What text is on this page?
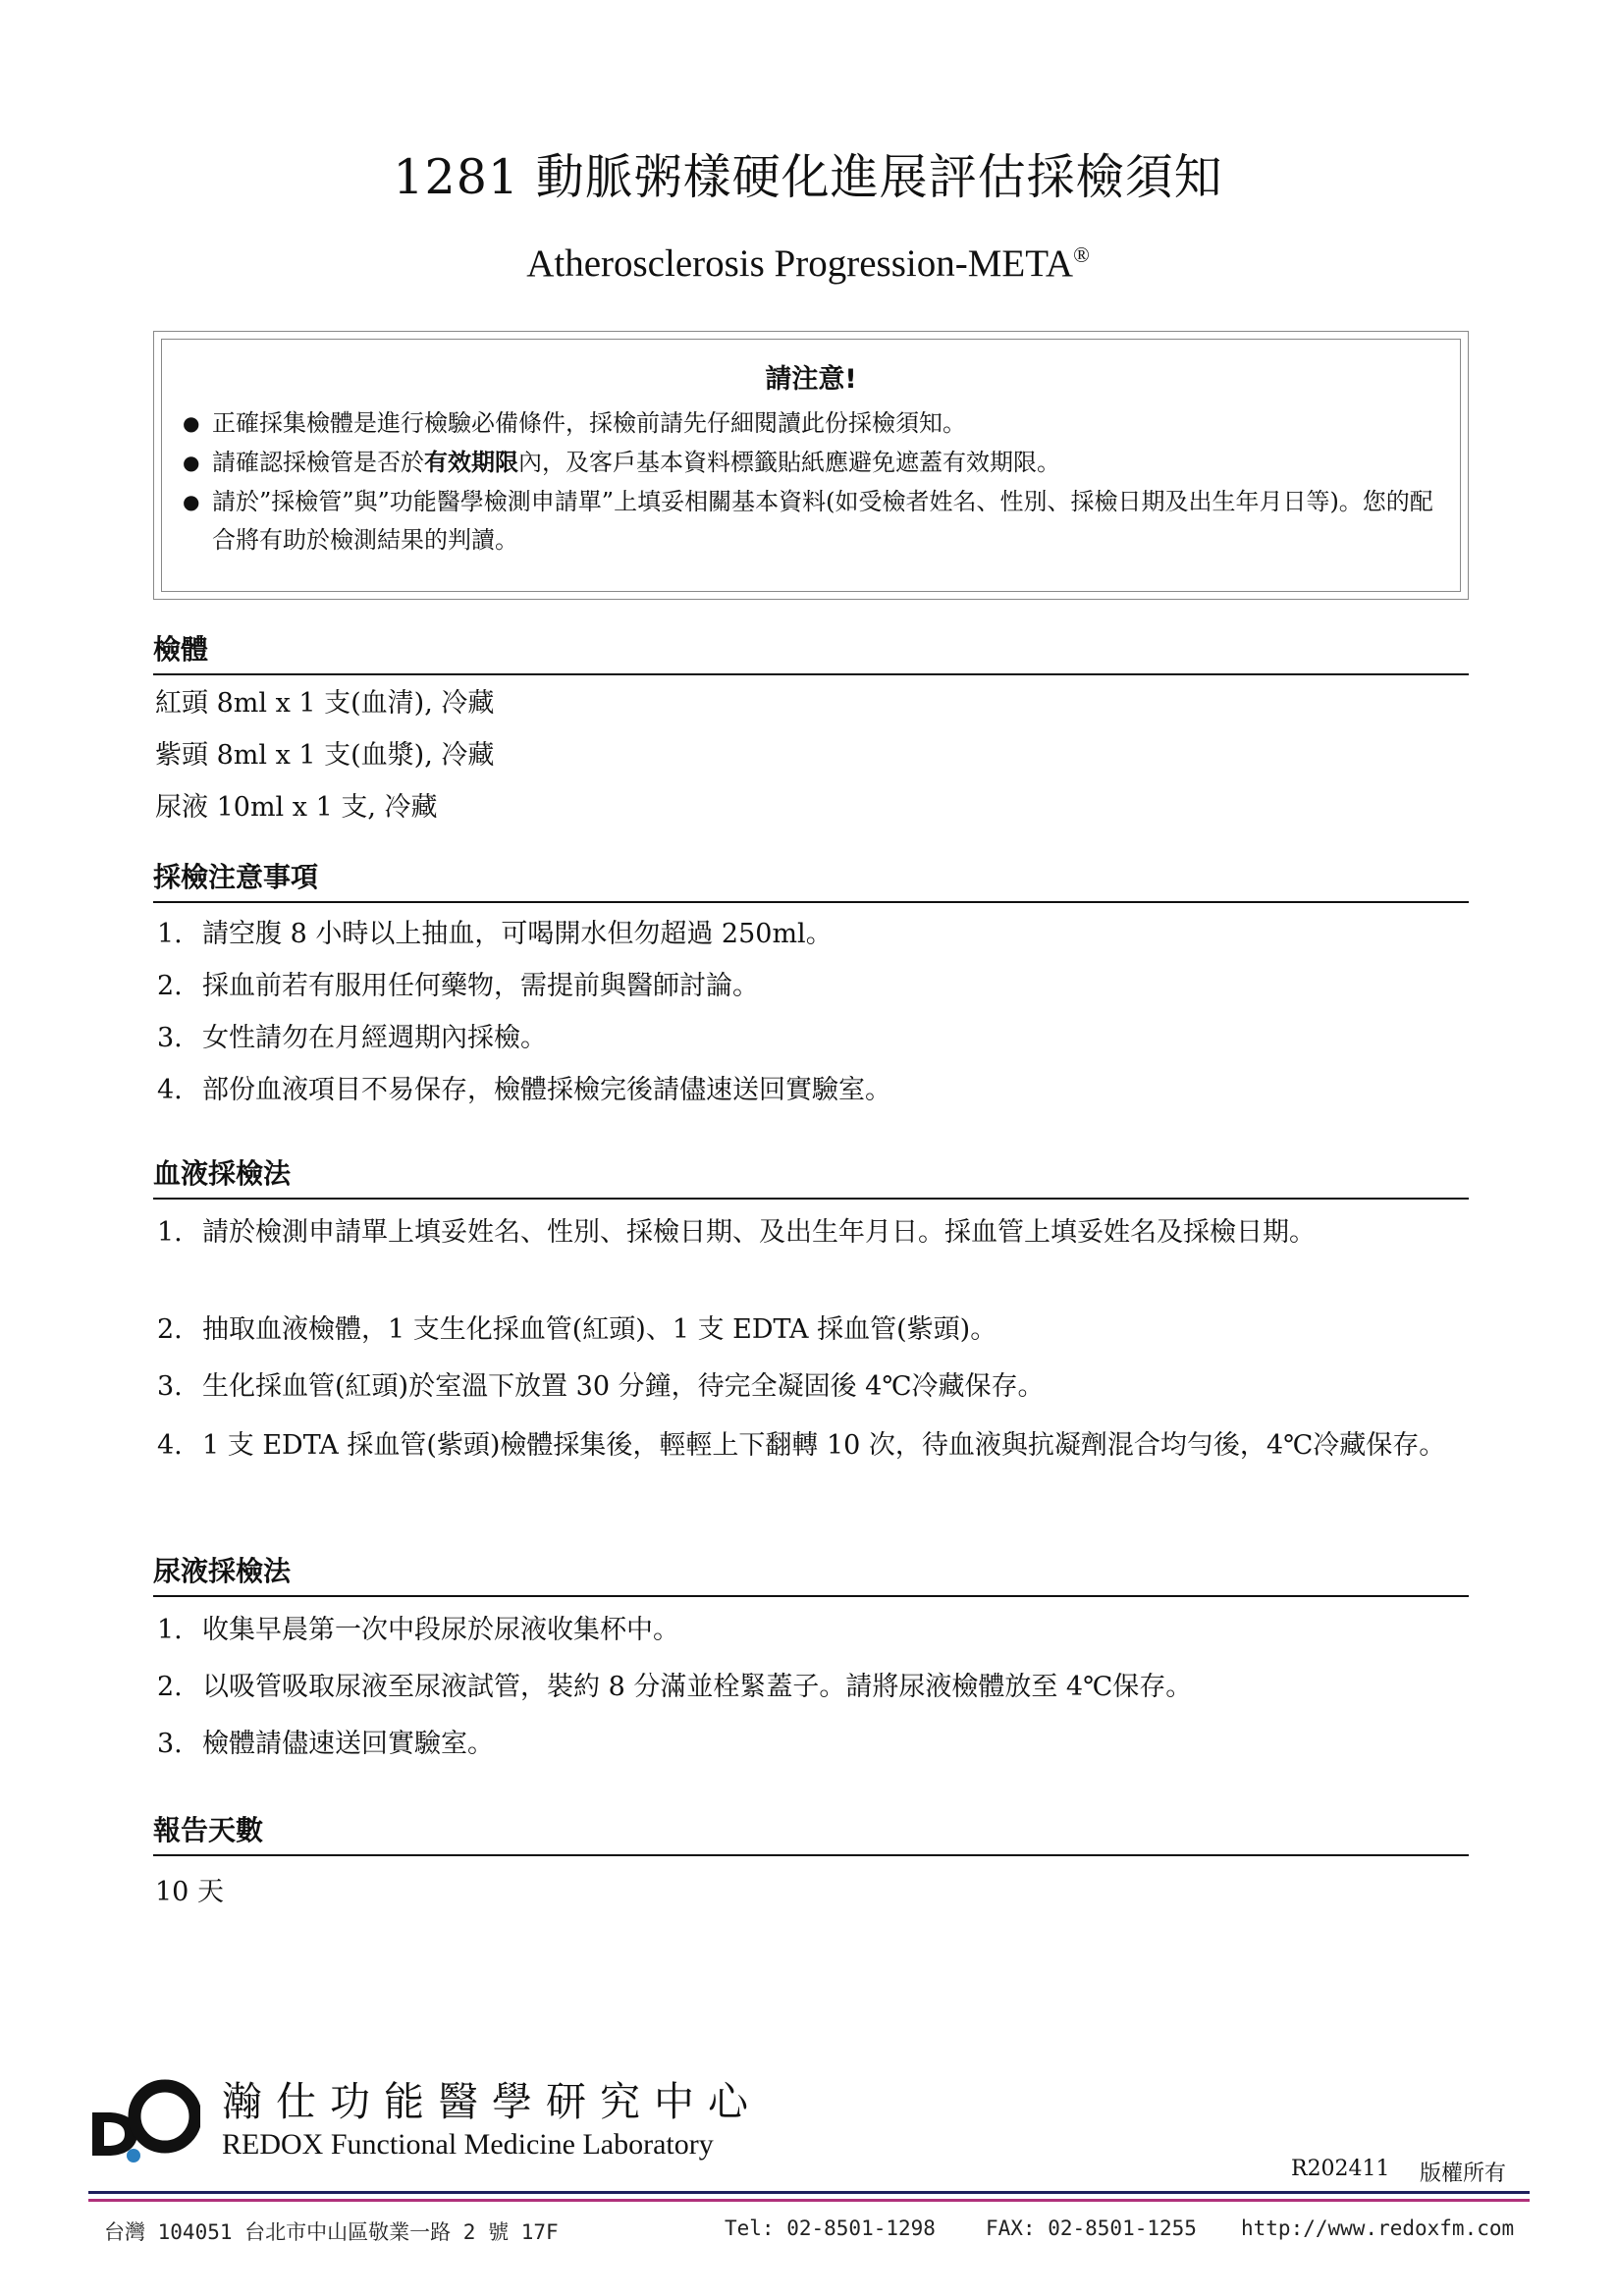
1281 動脈粥樣硬化進展評估採檢須知
Atherosclerosis Progression-META®
請注意!
● 正確採集檢體是進行檢驗必備條件，採檢前請先仔細閱讀此份採檢須知。
● 請確認採檢管是否於有效期限內，及客戶基本資料標籤貼紙應避免遮蓋有效期限。
● 請於”採檢管”與”功能醫學檢測申請單”上填妥相關基本資料(如受檢者姓名、性別、採檢日期及出生年月日等)。您的配合將有助於檢測結果的判讀。
檢體
紅頭 8ml x 1 支(血清), 冷藏
紫頭 8ml x 1 支(血漿), 冷藏
尿液 10ml x 1 支, 冷藏
採檢注意事項
1. 請空腹 8 小時以上抽血，可喝開水但勿超過 250ml。
2. 採血前若有服用任何藥物，需提前與醫師討論。
3. 女性請勿在月經週期內採檢。
4. 部份血液項目不易保存，檢體採檢完後請儘速送回實驗室。
血液採檢法
1. 請於檢測申請單上填妥姓名、性別、採檢日期、及出生年月日。採血管上填妥姓名及採檢日期。
2. 抽取血液檢體，1 支生化採血管(紅頭)、1 支 EDTA 採血管(紫頭)。
3. 生化採血管(紅頭)於室溫下放置 30 分鐘，待完全凝固後 4℃冷藏保存。
4. 1 支 EDTA 採血管(紫頭)檢體採集後，輕輕上下翻轉 10 次，待血液與抗凝劑混合均勻後，4℃冷藏保存。
尿液採檢法
1. 收集早晨第一次中段尿於尿液收集杯中。
2. 以吸管吸取尿液至尿液試管，裝約 8 分滿並栓緊蓋子。請將尿液檢體放至 4℃保存。
3. 檢體請儘速送回實驗室。
報告天數
10 天
瀚仕功能醫學研究中心
REDOX Functional Medicine Laboratory
R202411 版權所有
台灣 104051 台北市中山區敬業一路 2 號 17F	Tel: 02-8501-1298 FAX: 02-8501-1255 http://www.redoxfm.com
